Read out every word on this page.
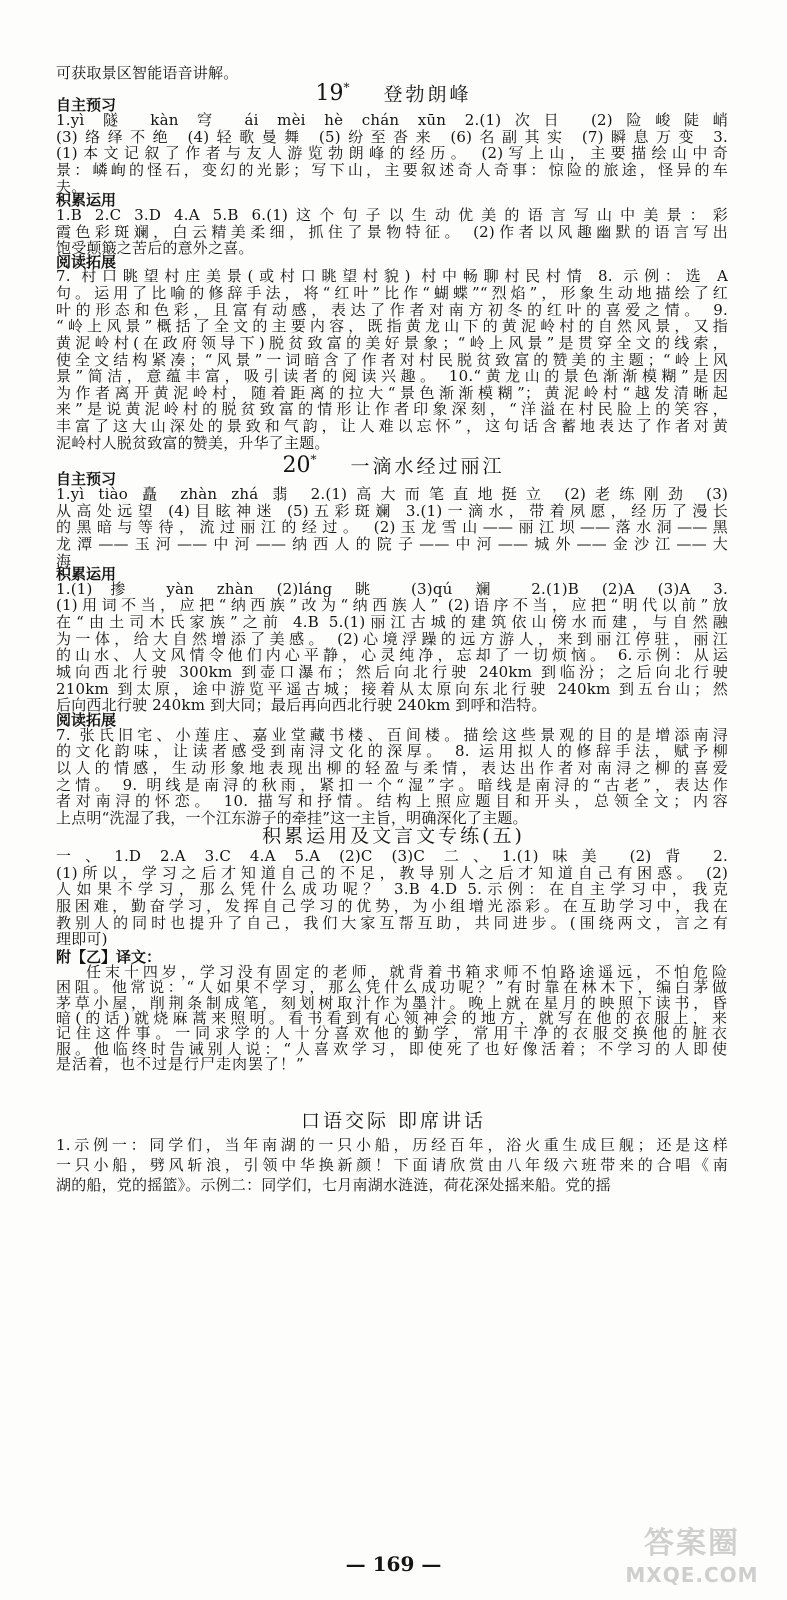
可获取景区智能语音讲解。
19* 登勃朗峰
自主预习
1.yì 隧 kàn 穹 ái mèi hè chán xūn 2.(1)次日 (2)险峻陡峭
(3)络绎不绝 (4)轻歌曼舞 (5)纷至沓来 (6)名副其实 (7)瞬息万变 3.
(1)本文记叙了作者与友人游览勃朗峰的经历。 (2)写上山，主要描绘山中奇
景：嶙峋的怪石，变幻的光影；写下山，主要叙述奇人奇事：惊险的旅途，怪异的车
夫。
积累运用
1.B 2.C 3.D 4.A 5.B 6.(1)这个句子以生动优美的语言写山中美景：彩
霞色彩斑斓，白云精美柔细，抓住了景物特征。 (2)作者以风趣幽默的语言写出
饱受颠簸之苦后的意外之喜。
阅读拓展
7. 村口眺望村庄美景(或村口眺望村貌) 村中畅聊村民村情 8. 示例：选 A
句。运用了比喻的修辞手法，将“红叶”比作“蝴蝶”“烈焰”，形象生动地描绘了红
叶的形态和色彩，且富有动感，表达了作者对南方初冬的红叶的喜爱之情。 9.
“岭上风景”概括了全文的主要内容，既指黄龙山下的黄泥岭村的自然风景，又指
黄泥岭村(在政府领导下)脱贫致富的美好景象；“岭上风景”是贯穿全文的线索，
使全文结构紧凑；“风景”一词暗含了作者对村民脱贫致富的赞美的主题；“岭上风
景”简洁，意蕴丰富，吸引读者的阅读兴趣。 10.“黄龙山的景色渐渐模糊”是因
为作者离开黄泥岭村，随着距离的拉大“景色渐渐模糊”；黄泥岭村“越发清晰起
来”是说黄泥岭村的脱贫致富的情形让作者印象深刻，“洋溢在村民脸上的笑容，
丰富了这大山深处的景致和气韵，让人难以忘怀”，这句话含蓄地表达了作者对黄
泥岭村人脱贫致富的赞美，升华了主题。
20* 一滴水经过丽江
自主预习
1.yì tiào 矗 zhàn zhá 翡 2.(1)高大而笔直地挺立 (2)老练刚劲 (3)
从高处远望 (4)目眩神迷 (5)五彩斑斓 3.(1)一滴水，带着夙愿，经历了漫长
的黑暗与等待，流过丽江的经过。 (2)玉龙雪山——丽江坝——落水洞——黑
龙潭——玉河——中河——纳西人的院子——中河——城外——金沙江——大
海
积累运用
1.(1)掺 yàn zhàn (2)láng 眺 (3)qú 斓 2.(1)B (2)A (3)A 3.
(1)用词不当，应把“纳西族”改为“纳西族人” (2)语序不当，应把“明代以前”放
在“由土司木氏家族”之前 4.B 5.(1)丽江古城的建筑依山傍水而建，与自然融
为一体，给大自然增添了美感。 (2)心境浮躁的远方游人，来到丽江停驻，丽江
的山水、人文风情令他们内心平静，心灵纯净，忘却了一切烦恼。 6.示例：从运
城向西北行驶 300km 到壶口瀑布；然后向北行驶 240km 到临汾；之后向北行驶
210km 到太原，途中游览平遥古城；接着从太原向东北行驶 240km 到五台山；然
后向西北行驶 240km 到大同；最后再向西北行驶 240km 到呼和浩特。
阅读拓展
7. 张氏旧宅、小莲庄、嘉业堂藏书楼、百间楼。描绘这些景观的目的是增添南浔
的文化韵味，让读者感受到南浔文化的深厚。 8. 运用拟人的修辞手法，赋予柳
以人的情感，生动形象地表现出柳的轻盈与柔情，表达出作者对南浔之柳的喜爱
之情。 9. 明线是南浔的秋雨，紧扣一个“湿”字。暗线是南浔的“古老”，表达作
者对南浔的怀恋。 10. 描写和抒情。结构上照应题目和开头，总领全文；内容
上点明“洗湿了我，一个江东游子的牵挂”这一主旨，明确深化了主题。
积累运用及文言文专练(五)
一、1.D 2.A 3.C 4.A 5.A (2)C (3)C 二、1.(1)味美 (2)背 2.
(1)所以，学习之后才知道自己的不足，教导别人之后才知道自己有困惑。 (2)
人如果不学习，那么凭什么成功呢？ 3.B 4.D 5.示例：在自主学习中，我克
服困难，勤奋学习，发挥自己学习的优势，为小组增光添彩。在互助学习中，我在
教别人的同时也提升了自己，我们大家互帮互助，共同进步。(围绕两文，言之有
理即可)
附【乙】译文：
任末十四岁，学习没有固定的老师，就背着书箱求师不怕路途遥远，不怕危险
困阻。他常说：“人如果不学习，那么凭什么成功呢？”有时靠在林木下，编白茅做
茅草小屋，削荆条制成笔，刻划树取汁作为墨汁。晚上就在星月的映照下读书，昏
暗(的话)就烧麻蒿来照明。看书看到有心领神会的地方，就写在他的衣服上，来
记住这件事。一同求学的人十分喜欢他的勤学，常用干净的衣服交换他的脏衣
服。他临终时告诫别人说：“人喜欢学习，即使死了也好像活着；不学习的人即使
是活着，也不过是行尸走肉罢了！”
口语交际 即席讲话
1.示例一：同学们，当年南湖的一只小船，历经百年，浴火重生成巨舰；还是这样
一只小船，劈风斩浪，引领中华换新颜！下面请欣赏由八年级六班带来的合唱《南
湖的船，党的摇篮》。示例二：同学们，七月南湖水涟涟，荷花深处摇来船。党的摇
— 169 —
答案圈
MXQE.COM
